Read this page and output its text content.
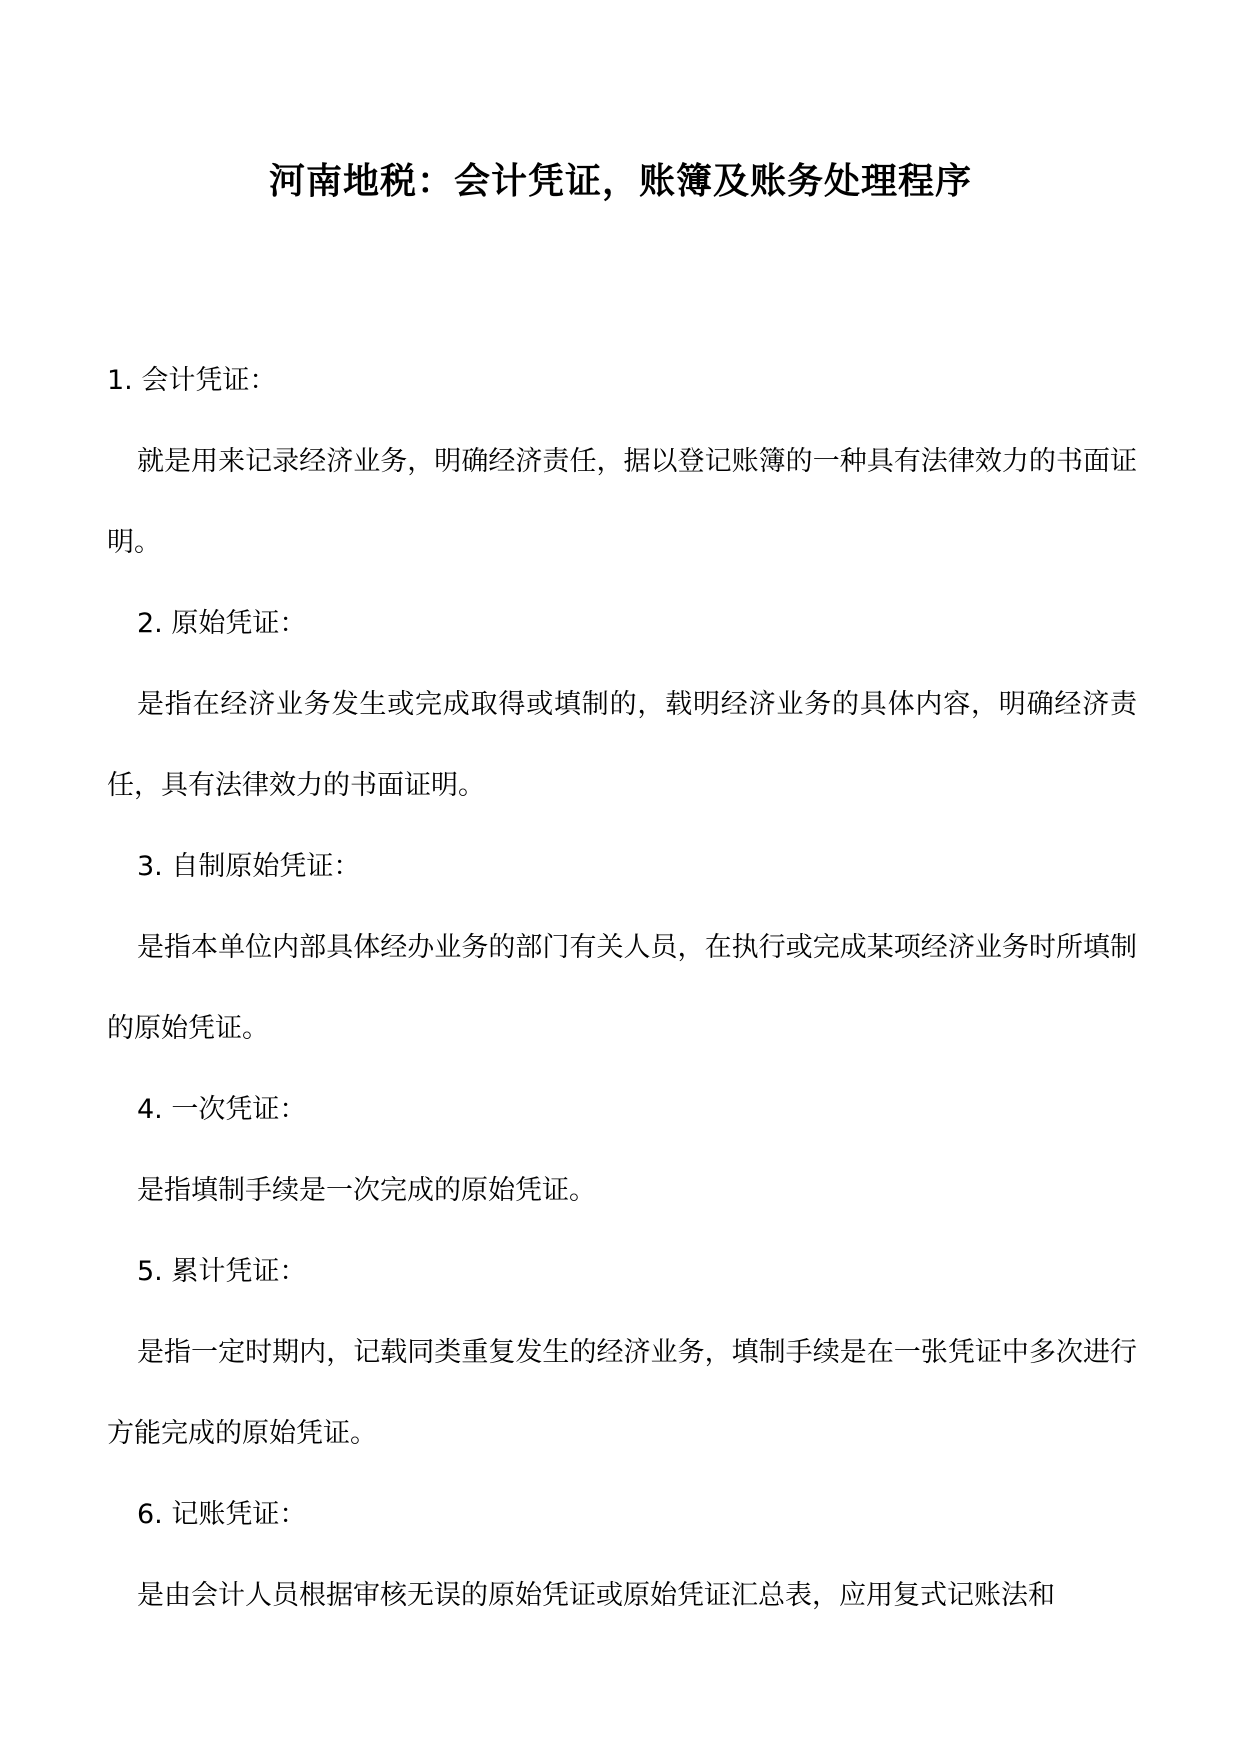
河南地税：会计凭证，账簿及账务处理程序

1. 会计凭证：

就是用来记录经济业务，明确经济责任，据以登记账簿的一种具有法律效力的书面证明。

2. 原始凭证：

是指在经济业务发生或完成取得或填制的，载明经济业务的具体内容，明确经济责任，具有法律效力的书面证明。

3. 自制原始凭证：

是指本单位内部具体经办业务的部门有关人员，在执行或完成某项经济业务时所填制的原始凭证。

4. 一次凭证：

是指填制手续是一次完成的原始凭证。

5. 累计凭证：

是指一定时期内，记载同类重复发生的经济业务，填制手续是在一张凭证中多次进行方能完成的原始凭证。

6. 记账凭证：

是由会计人员根据审核无误的原始凭证或原始凭证汇总表，应用复式记账法和
